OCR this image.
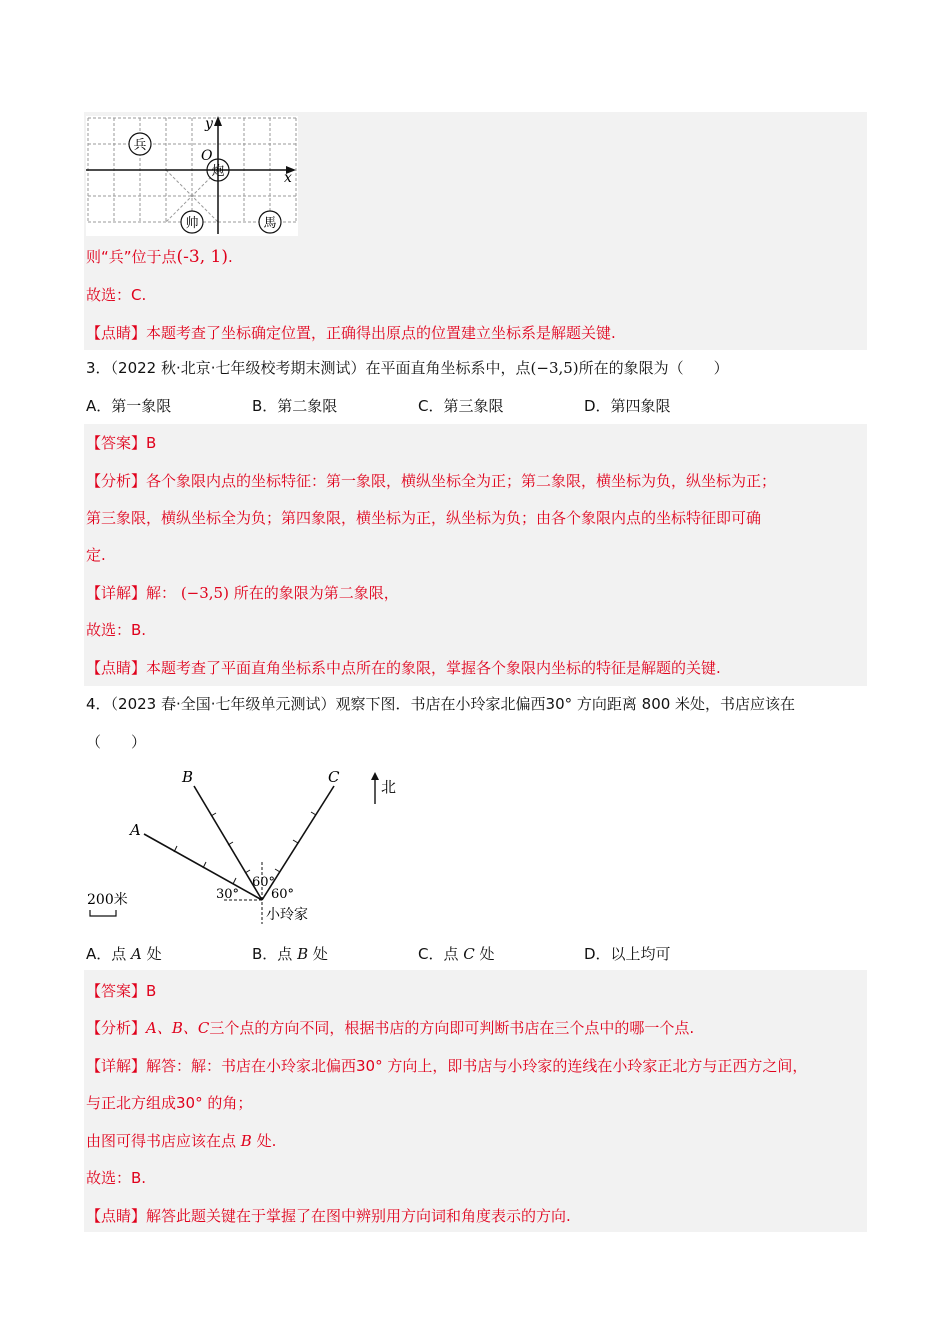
y
x
O
兵
炮
帅	馬
则“兵”位于点(-3, 1).
故选：C.
【点睛】本题考查了坐标确定位置，正确得出原点的位置建立坐标系是解题关键.
3．（2022 秋·北京·七年级校考期末测试）在平面直角坐标系中，点(−3,5)所在的象限为（　　）
A．第一象限	B．第二象限	C．第三象限	D．第四象限
【答案】B
【分析】各个象限内点的坐标特征：第一象限，横纵坐标全为正；第二象限，横坐标为负，纵坐标为正；
第三象限，横纵坐标全为负；第四象限，横坐标为正，纵坐标为负；由各个象限内点的坐标特征即可确
定.
【详解】解： (−3,5) 所在的象限为第二象限，
故选：B.
【点睛】本题考查了平面直角坐标系中点所在的象限，掌握各个象限内坐标的特征是解题的关键.
4．（2023 春·全国·七年级单元测试）观察下图．书店在小玲家北偏西30° 方向距离 800 米处，书店应该在
（　　）
北
A
B	C
30°
60°
60°
小玲家
200米
A．点 A 处	B．点 B 处	C．点 C 处	D．以上均可
【答案】B
【分析】A、B、C三个点的方向不同，根据书店的方向即可判断书店在三个点中的哪一个点.
【详解】解答：解：书店在小玲家北偏西30° 方向上，即书店与小玲家的连线在小玲家正北方与正西方之间，
与正北方组成30° 的角；
由图可得书店应该在点 B 处.
故选：B.
【点睛】解答此题关键在于掌握了在图中辨别用方向词和角度表示的方向.
